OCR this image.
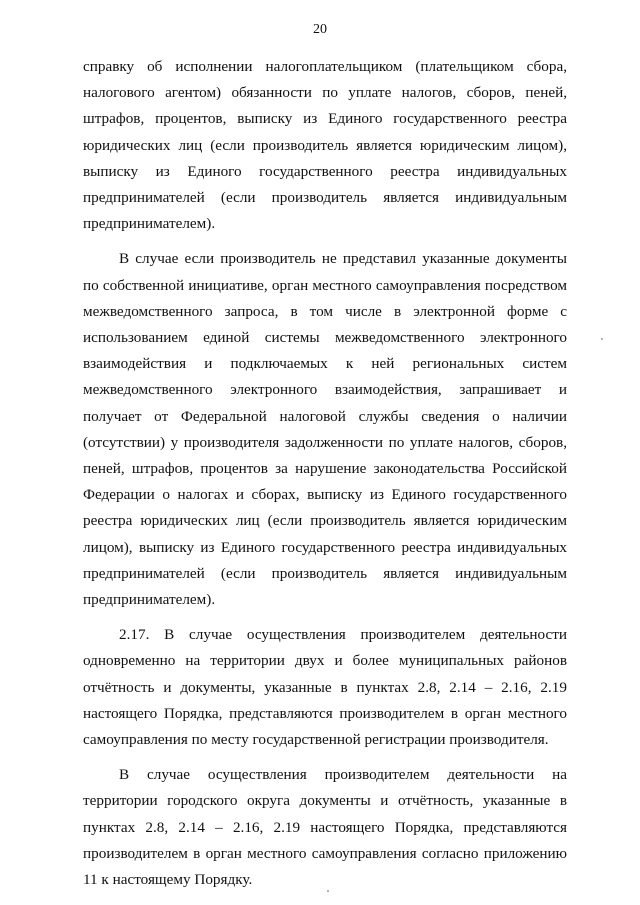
20

справку об исполнении налогоплательщиком (плательщиком сбора, налогового агентом) обязанности по уплате налогов, сборов, пеней, штрафов, процентов, выписку из Единого государственного реестра юридических лиц (если производитель является юридическим лицом), выписку из Единого государственного реестра индивидуальных предпринимателей (если производитель является индивидуальным предпринимателем).

В случае если производитель не представил указанные документы по собственной инициативе, орган местного самоуправления посредством межведомственного запроса, в том числе в электронной форме с использованием единой системы межведомственного электронного взаимодействия и подключаемых к ней региональных систем межведомственного электронного взаимодействия, запрашивает и получает от Федеральной налоговой службы сведения о наличии (отсутствии) у производителя задолженности по уплате налогов, сборов, пеней, штрафов, процентов за нарушение законодательства Российской Федерации о налогах и сборах, выписку из Единого государственного реестра юридических лиц (если производитель является юридическим лицом), выписку из Единого государственного реестра индивидуальных предпринимателей (если производитель является индивидуальным предпринимателем).

2.17. В случае осуществления производителем деятельности одновременно на территории двух и более муниципальных районов отчётность и документы, указанные в пунктах 2.8, 2.14 – 2.16, 2.19 настоящего Порядка, представляются производителем в орган местного самоуправления по месту государственной регистрации производителя.

В случае осуществления производителем деятельности на территории городского округа документы и отчётность, указанные в пунктах 2.8, 2.14 – 2.16, 2.19 настоящего Порядка, представляются производителем в орган местного самоуправления согласно приложению 11 к настоящему Порядку.
